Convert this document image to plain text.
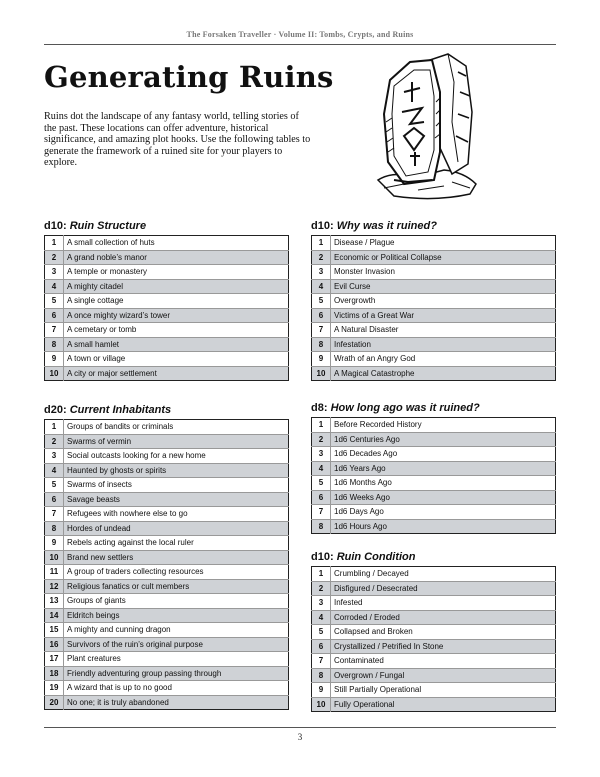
The Forsaken Traveller · Volume II: Tombs, Crypts, and Ruins
Generating Ruins

Ruins dot the landscape of any fantasy world, telling stories of the past. These locations can offer adventure, historical significance, and amazing plot hooks. Use the following tables to generate the framework of a ruined site for your players to explore.

d10: Ruin Structure
1	A small collection of huts
2	A grand noble’s manor
3	A temple or monastery
4	A mighty citadel
5	A single cottage
6	A once mighty wizard’s tower
7	A cemetary or tomb
8	A small hamlet
9	A town or village
10	A city or major settlement
d20: Current Inhabitants
1	Groups of bandits or criminals
2	Swarms of vermin
3	Social outcasts looking for a new home
4	Haunted by ghosts or spirits
5	Swarms of insects
6	Savage beasts
7	Refugees with nowhere else to go
8	Hordes of undead
9	Rebels acting against the local ruler
10	Brand new settlers
11	A group of traders collecting resources
12	Religious fanatics or cult members
13	Groups of giants
14	Eldritch beings
15	A mighty and cunning dragon
16	Survivors of the ruin’s original purpose
17	Plant creatures
18	Friendly adventuring group passing through
19	A wizard that is up to no good
20	No one; it is truly abandoned
d10: Why was it ruined?
1	Disease / Plague
2	Economic or Political Collapse
3	Monster Invasion
4	Evil Curse
5	Overgrowth
6	Victims of a Great War
7	A Natural Disaster
8	Infestation
9	Wrath of an Angry God
10	A Magical Catastrophe
d8: How long ago was it ruined?
1	Before Recorded History
2	1d6 Centuries Ago
3	1d6 Decades Ago
4	1d6 Years Ago
5	1d6 Months Ago
6	1d6 Weeks Ago
7	1d6 Days Ago
8	1d6 Hours Ago
d10: Ruin Condition
1	Crumbling / Decayed
2	Disfigured / Desecrated
3	Infested
4	Corroded / Eroded
5	Collapsed and Broken
6	Crystallized / Petrified In Stone
7	Contaminated
8	Overgrown / Fungal
9	Still Partially Operational
10	Fully Operational
3
